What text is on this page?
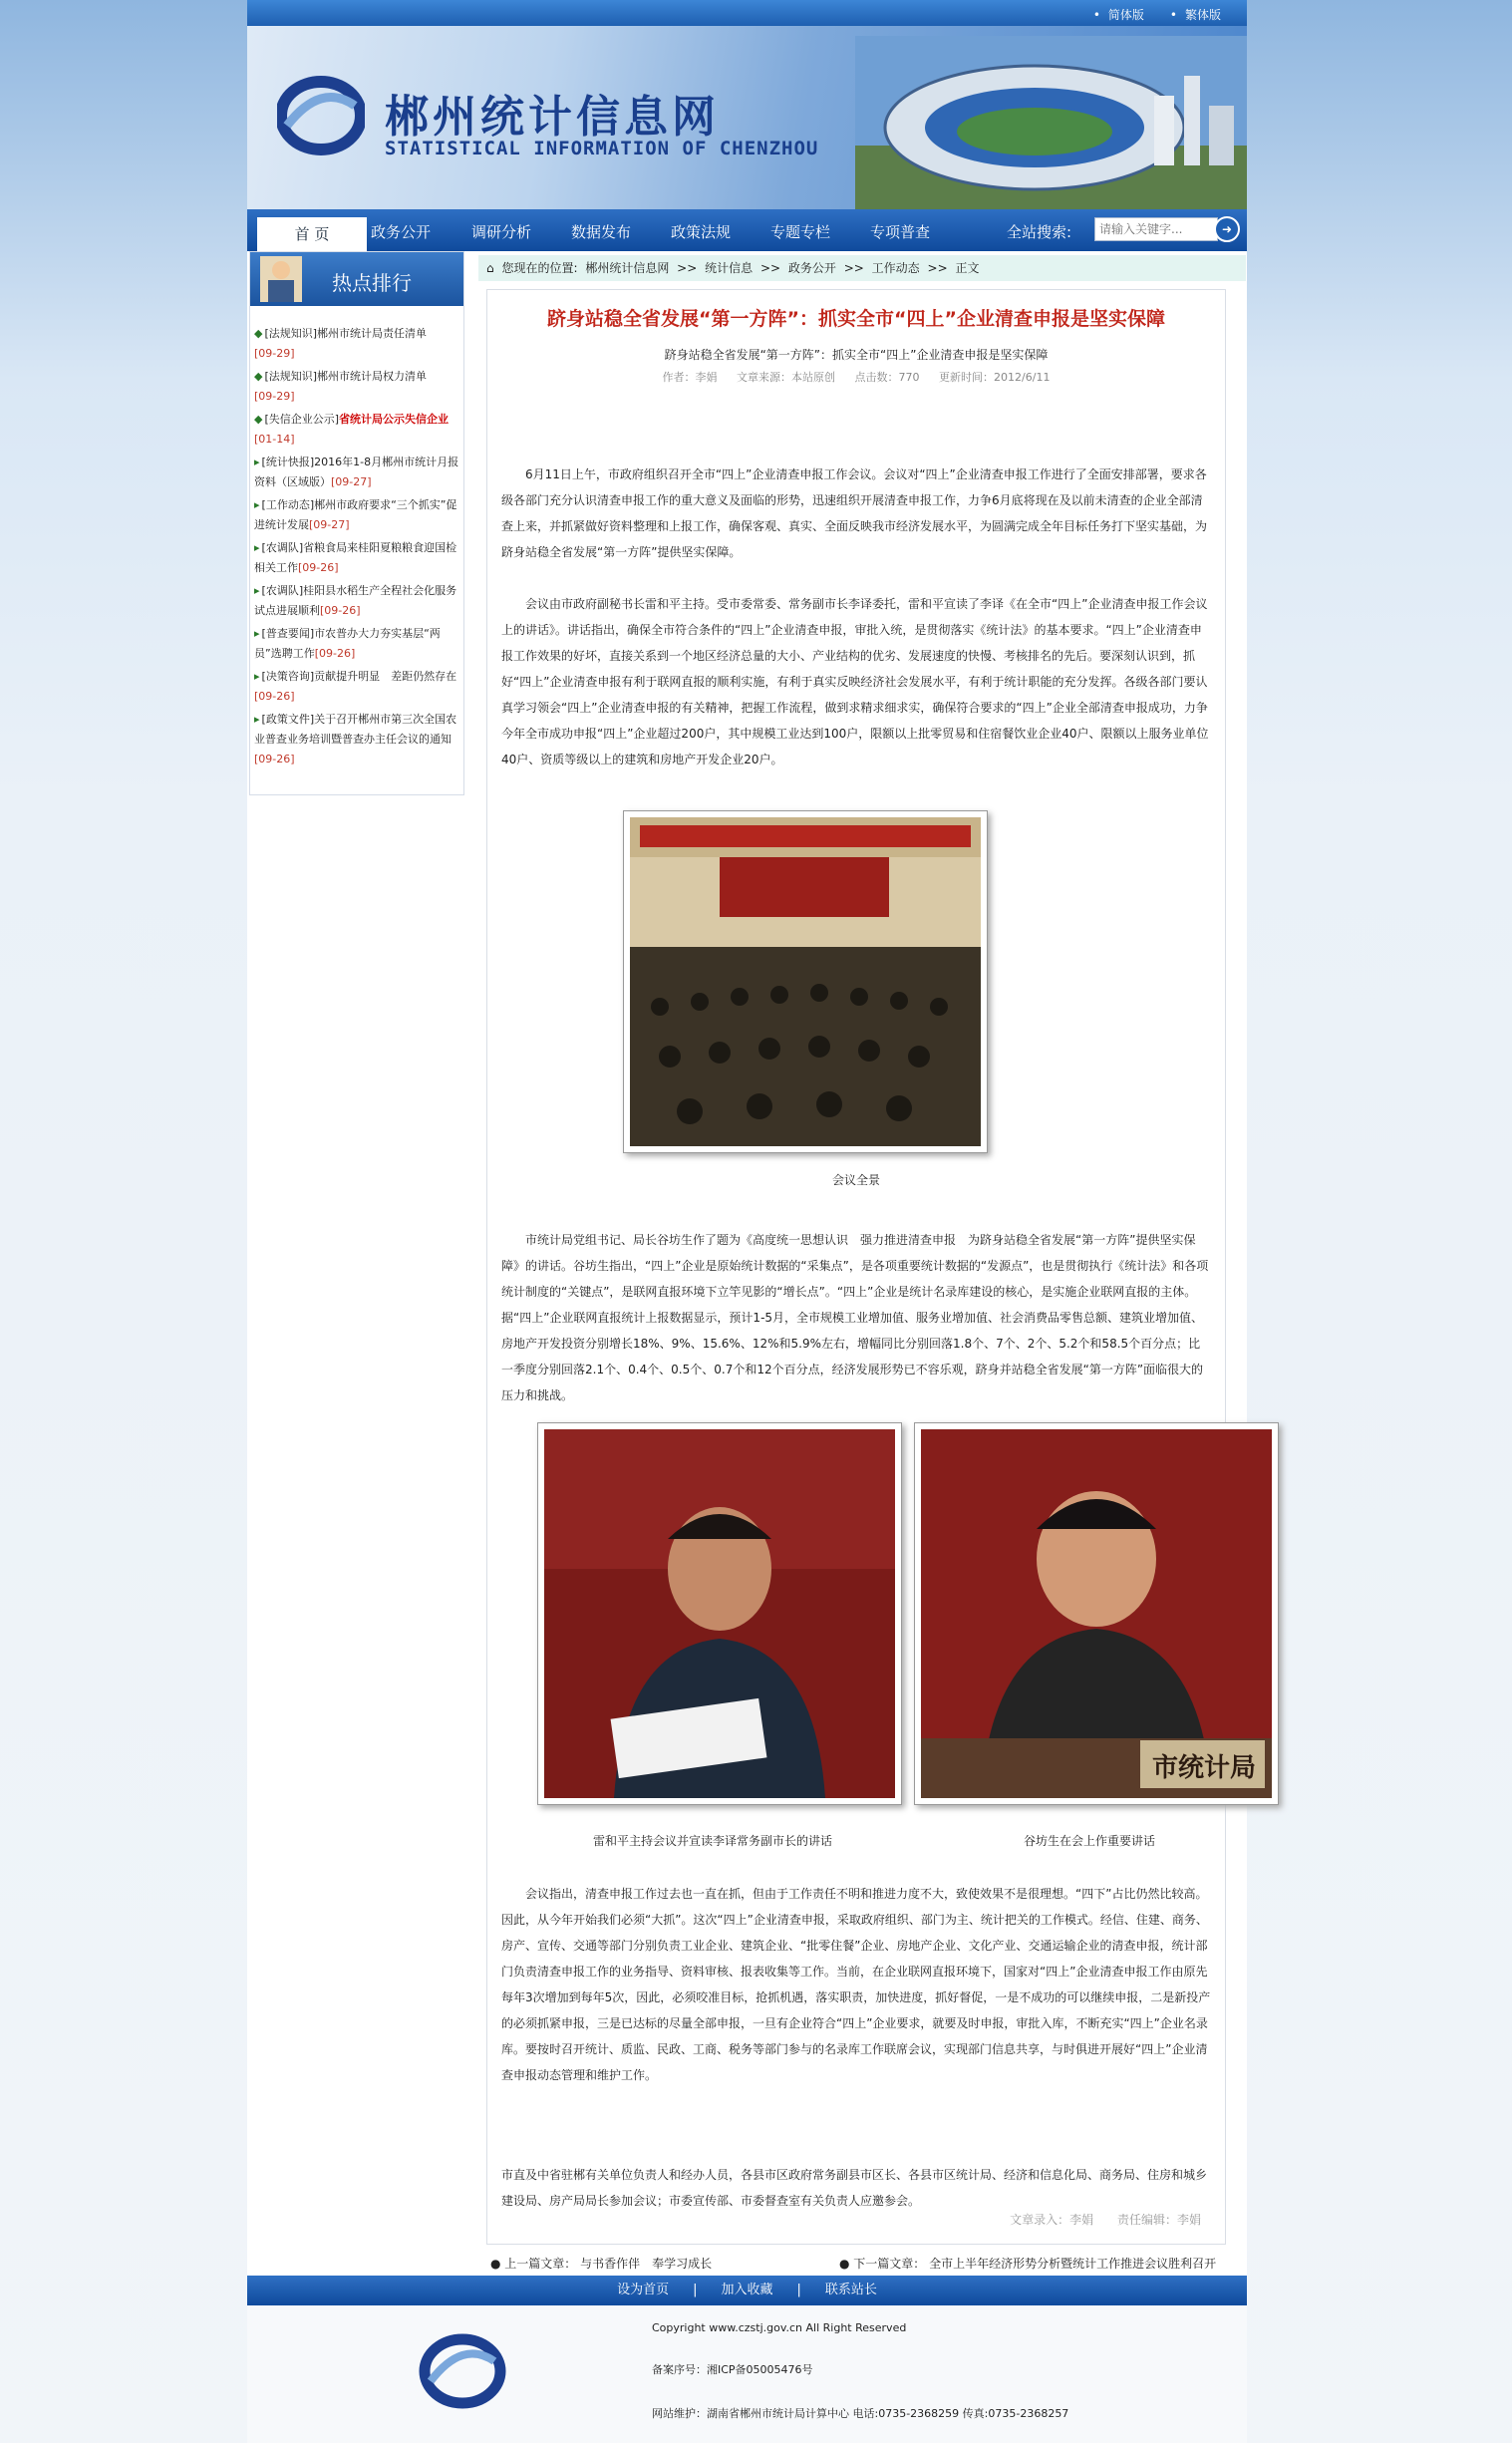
• 简体版•	繁体版
郴州统计信息网
STATISTICAL INFORMATION OF CHENZHOU
首 页	政务公开	调研分析	数据发布	政策法规	专题专栏	专项普查	全站搜索:
请输入关键字...	➜
热点排行
◆ [法规知识]郴州市统计局责任清单
[09-29]
◆ [法规知识]郴州市统计局权力清单
[09-29]
◆ [失信企业公示]省统计局公示失信企业[01-14]
▸ [统计快报]2016年1-8月郴州市统计月报资料（区域版）[09-27]
▸ [工作动态]郴州市政府要求“三个抓实”促进统计发展[09-27]
▸ [农调队]省粮食局来桂阳夏粮粮食迎国检相关工作[09-26]
▸ [农调队]桂阳县水稻生产全程社会化服务试点进展顺利[09-26]
▸ [普查要闻]市农普办大力夯实基层“两员”选聘工作[09-26]
▸ [决策咨询]贡献提升明显　差距仍然存在[09-26]
▸ [政策文件]关于召开郴州市第三次全国农业普查业务培训暨普查办主任会议的通知[09-26]
⌂ 您现在的位置: 郴州统计信息网 >> 统计信息 >> 政务公开 >> 工作动态 >> 正文
跻身站稳全省发展“第一方阵”：抓实全市“四上”企业清查申报是坚实保障
跻身站稳全省发展“第一方阵”：抓实全市“四上”企业清查申报是坚实保障
作者：李娟 文章来源：本站原创 点击数：770 更新时间：2012/6/11
6月11日上午，市政府组织召开全市“四上”企业清查申报工作会议。会议对“四上”企业清查申报工作进行了全面安排部署，要求各级各部门充分认识清查申报工作的重大意义及面临的形势，迅速组织开展清查申报工作，力争6月底将现在及以前未清查的企业全部清查上来，并抓紧做好资料整理和上报工作，确保客观、真实、全面反映我市经济发展水平，为圆满完成全年目标任务打下坚实基础，为跻身站稳全省发展“第一方阵”提供坚实保障。
会议由市政府副秘书长雷和平主持。受市委常委、常务副市长李译委托，雷和平宣读了李译《在全市“四上”企业清查申报工作会议上的讲话》。讲话指出，确保全市符合条件的“四上”企业清查申报，审批入统，是贯彻落实《统计法》的基本要求。“四上”企业清查申报工作效果的好坏，直接关系到一个地区经济总量的大小、产业结构的优劣、发展速度的快慢、考核排名的先后。要深刻认识到，抓好“四上”企业清查申报有利于联网直报的顺利实施，有利于真实反映经济社会发展水平，有利于统计职能的充分发挥。各级各部门要认真学习领会“四上”企业清查申报的有关精神，把握工作流程，做到求精求细求实，确保符合要求的“四上”企业全部清查申报成功，力争今年全市成功申报“四上”企业超过200户，其中规模工业达到100户，限额以上批零贸易和住宿餐饮业企业40户、限额以上服务业单位40户、资质等级以上的建筑和房地产开发企业20户。
会议全景
市统计局党组书记、局长谷坊生作了题为《高度统一思想认识　强力推进清查申报　为跻身站稳全省发展“第一方阵”提供坚实保障》的讲话。谷坊生指出，“四上”企业是原始统计数据的“采集点”，是各项重要统计数据的“发源点”，也是贯彻执行《统计法》和各项统计制度的“关键点”，是联网直报环境下立竿见影的“增长点”。“四上”企业是统计名录库建设的核心，是实施企业联网直报的主体。据“四上”企业联网直报统计上报数据显示，预计1-5月，全市规模工业增加值、服务业增加值、社会消费品零售总额、建筑业增加值、房地产开发投资分别增长18%、9%、15.6%、12%和5.9%左右，增幅同比分别回落1.8个、7个、2个、5.2个和58.5个百分点；比一季度分别回落2.1个、0.4个、0.5个、0.7个和12个百分点，经济发展形势已不容乐观，跻身并站稳全省发展“第一方阵”面临很大的压力和挑战。
市统计局
雷和平主持会议并宣读李译常务副市长的讲话	谷坊生在会上作重要讲话
会议指出，清查申报工作过去也一直在抓，但由于工作责任不明和推进力度不大，致使效果不是很理想。“四下”占比仍然比较高。因此，从今年开始我们必须“大抓”。这次“四上”企业清查申报，采取政府组织、部门为主、统计把关的工作模式。经信、住建、商务、房产、宣传、交通等部门分别负责工业企业、建筑企业、“批零住餐”企业、房地产企业、文化产业、交通运输企业的清查申报，统计部门负责清查申报工作的业务指导、资料审核、报表收集等工作。当前，在企业联网直报环境下，国家对“四上”企业清查申报工作由原先每年3次增加到每年5次，因此，必须咬准目标，抢抓机遇，落实职责，加快进度，抓好督促，一是不成功的可以继续申报，二是新投产的必须抓紧申报，三是已达标的尽量全部申报，一旦有企业符合“四上”企业要求，就要及时申报，审批入库，不断充实“四上”企业名录库。要按时召开统计、质监、民政、工商、税务等部门参与的名录库工作联席会议，实现部门信息共享，与时俱进开展好“四上”企业清查申报动态管理和维护工作。
市直及中省驻郴有关单位负责人和经办人员，各县市区政府常务副县市区长、各县市区统计局、经济和信息化局、商务局、住房和城乡建设局、房产局局长参加会议；市委宣传部、市委督查室有关负责人应邀参会。
文章录入：李娟 责任编辑：李娟
● 上一篇文章： 与书香作伴　奉学习成长	● 下一篇文章： 全市上半年经济形势分析暨统计工作推进会议胜利召开
设为首页 | 加入收藏 | 联系站长
Copyright www.czstj.gov.cn All Right Reserved
备案序号：湘ICP备05005476号
网站维护：湖南省郴州市统计局计算中心 电话:0735-2368259 传真:0735-2368257
